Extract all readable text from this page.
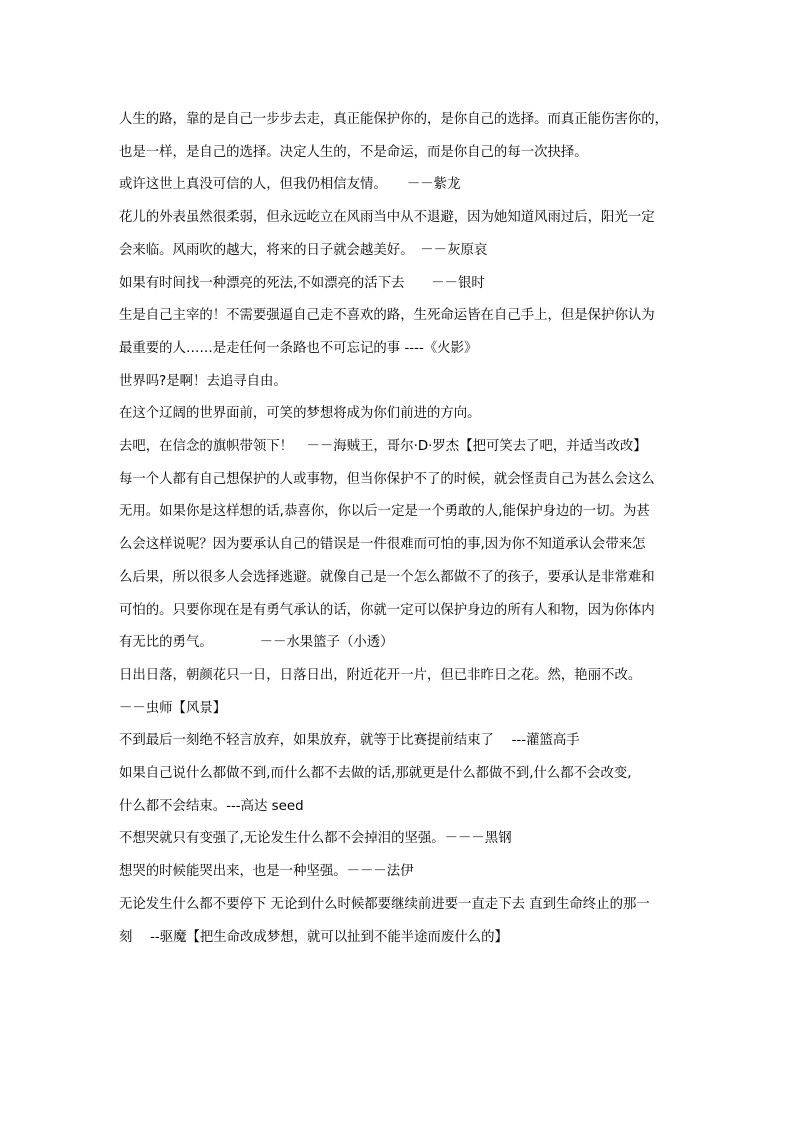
人生的路，靠的是自己一步步去走，真正能保护你的，是你自己的选择。而真正能伤害你的，
也是一样，是自己的选择。决定人生的，不是命运，而是你自己的每一次抉择。

或许这世上真没可信的人，但我仍相信友情。　　－－紫龙

花儿的外表虽然很柔弱，但永远屹立在风雨当中从不退避，因为她知道风雨过后，阳光一定
会来临。风雨吹的越大，将来的日子就会越美好。　－－灰原哀

如果有时间找一种漂亮的死法,不如漂亮的活下去　　－－银时

生是自己主宰的！不需要强逼自己走不喜欢的路，生死命运皆在自己手上，但是保护你认为
最重要的人……是走任何一条路也不可忘记的事 ----《火影》

世界吗?是啊！去追寻自由。

在这个辽阔的世界面前，可笑的梦想将成为你们前进的方向。

去吧，在信念的旗帜带领下！　－－海贼王，哥尔·D·罗杰【把可笑去了吧，并适当改改】

每一个人都有自己想保护的人或事物，但当你保护不了的时候，就会怪责自己为甚么会这么
无用。如果你是这样想的话,恭喜你，你以后一定是一个勇敢的人,能保护身边的一切。为甚
么会这样说呢？因为要承认自己的错误是一件很难而可怕的事,因为你不知道承认会带来怎
么后果，所以很多人会选择逃避。就像自己是一个怎么都做不了的孩子，要承认是非常难和
可怕的。只要你现在是有勇气承认的话，你就一定可以保护身边的所有人和物，因为你体内
有无比的勇气。　　　　－－水果篮子（小透）

日出日落，朝颜花只一日，日落日出，附近花开一片，但已非昨日之花。然，艳丽不改。
－－虫师【风景】

不到最后一刻绝不轻言放弃，如果放弃，就等于比赛提前结束了　 ---灌篮高手

如果自己说什么都做不到,而什么都不去做的话,那就更是什么都做不到,什么都不会改变,
什么都不会结束。---高达 seed

不想哭就只有变强了,无论发生什么都不会掉泪的坚强。－－－黑钢

想哭的时候能哭出来，也是一种坚强。－－－法伊

无论发生什么都不要停下 无论到什么时候都要继续前进要一直走下去 直到生命终止的那一
刻　 --驱魔【把生命改成梦想，就可以扯到不能半途而废什么的】
